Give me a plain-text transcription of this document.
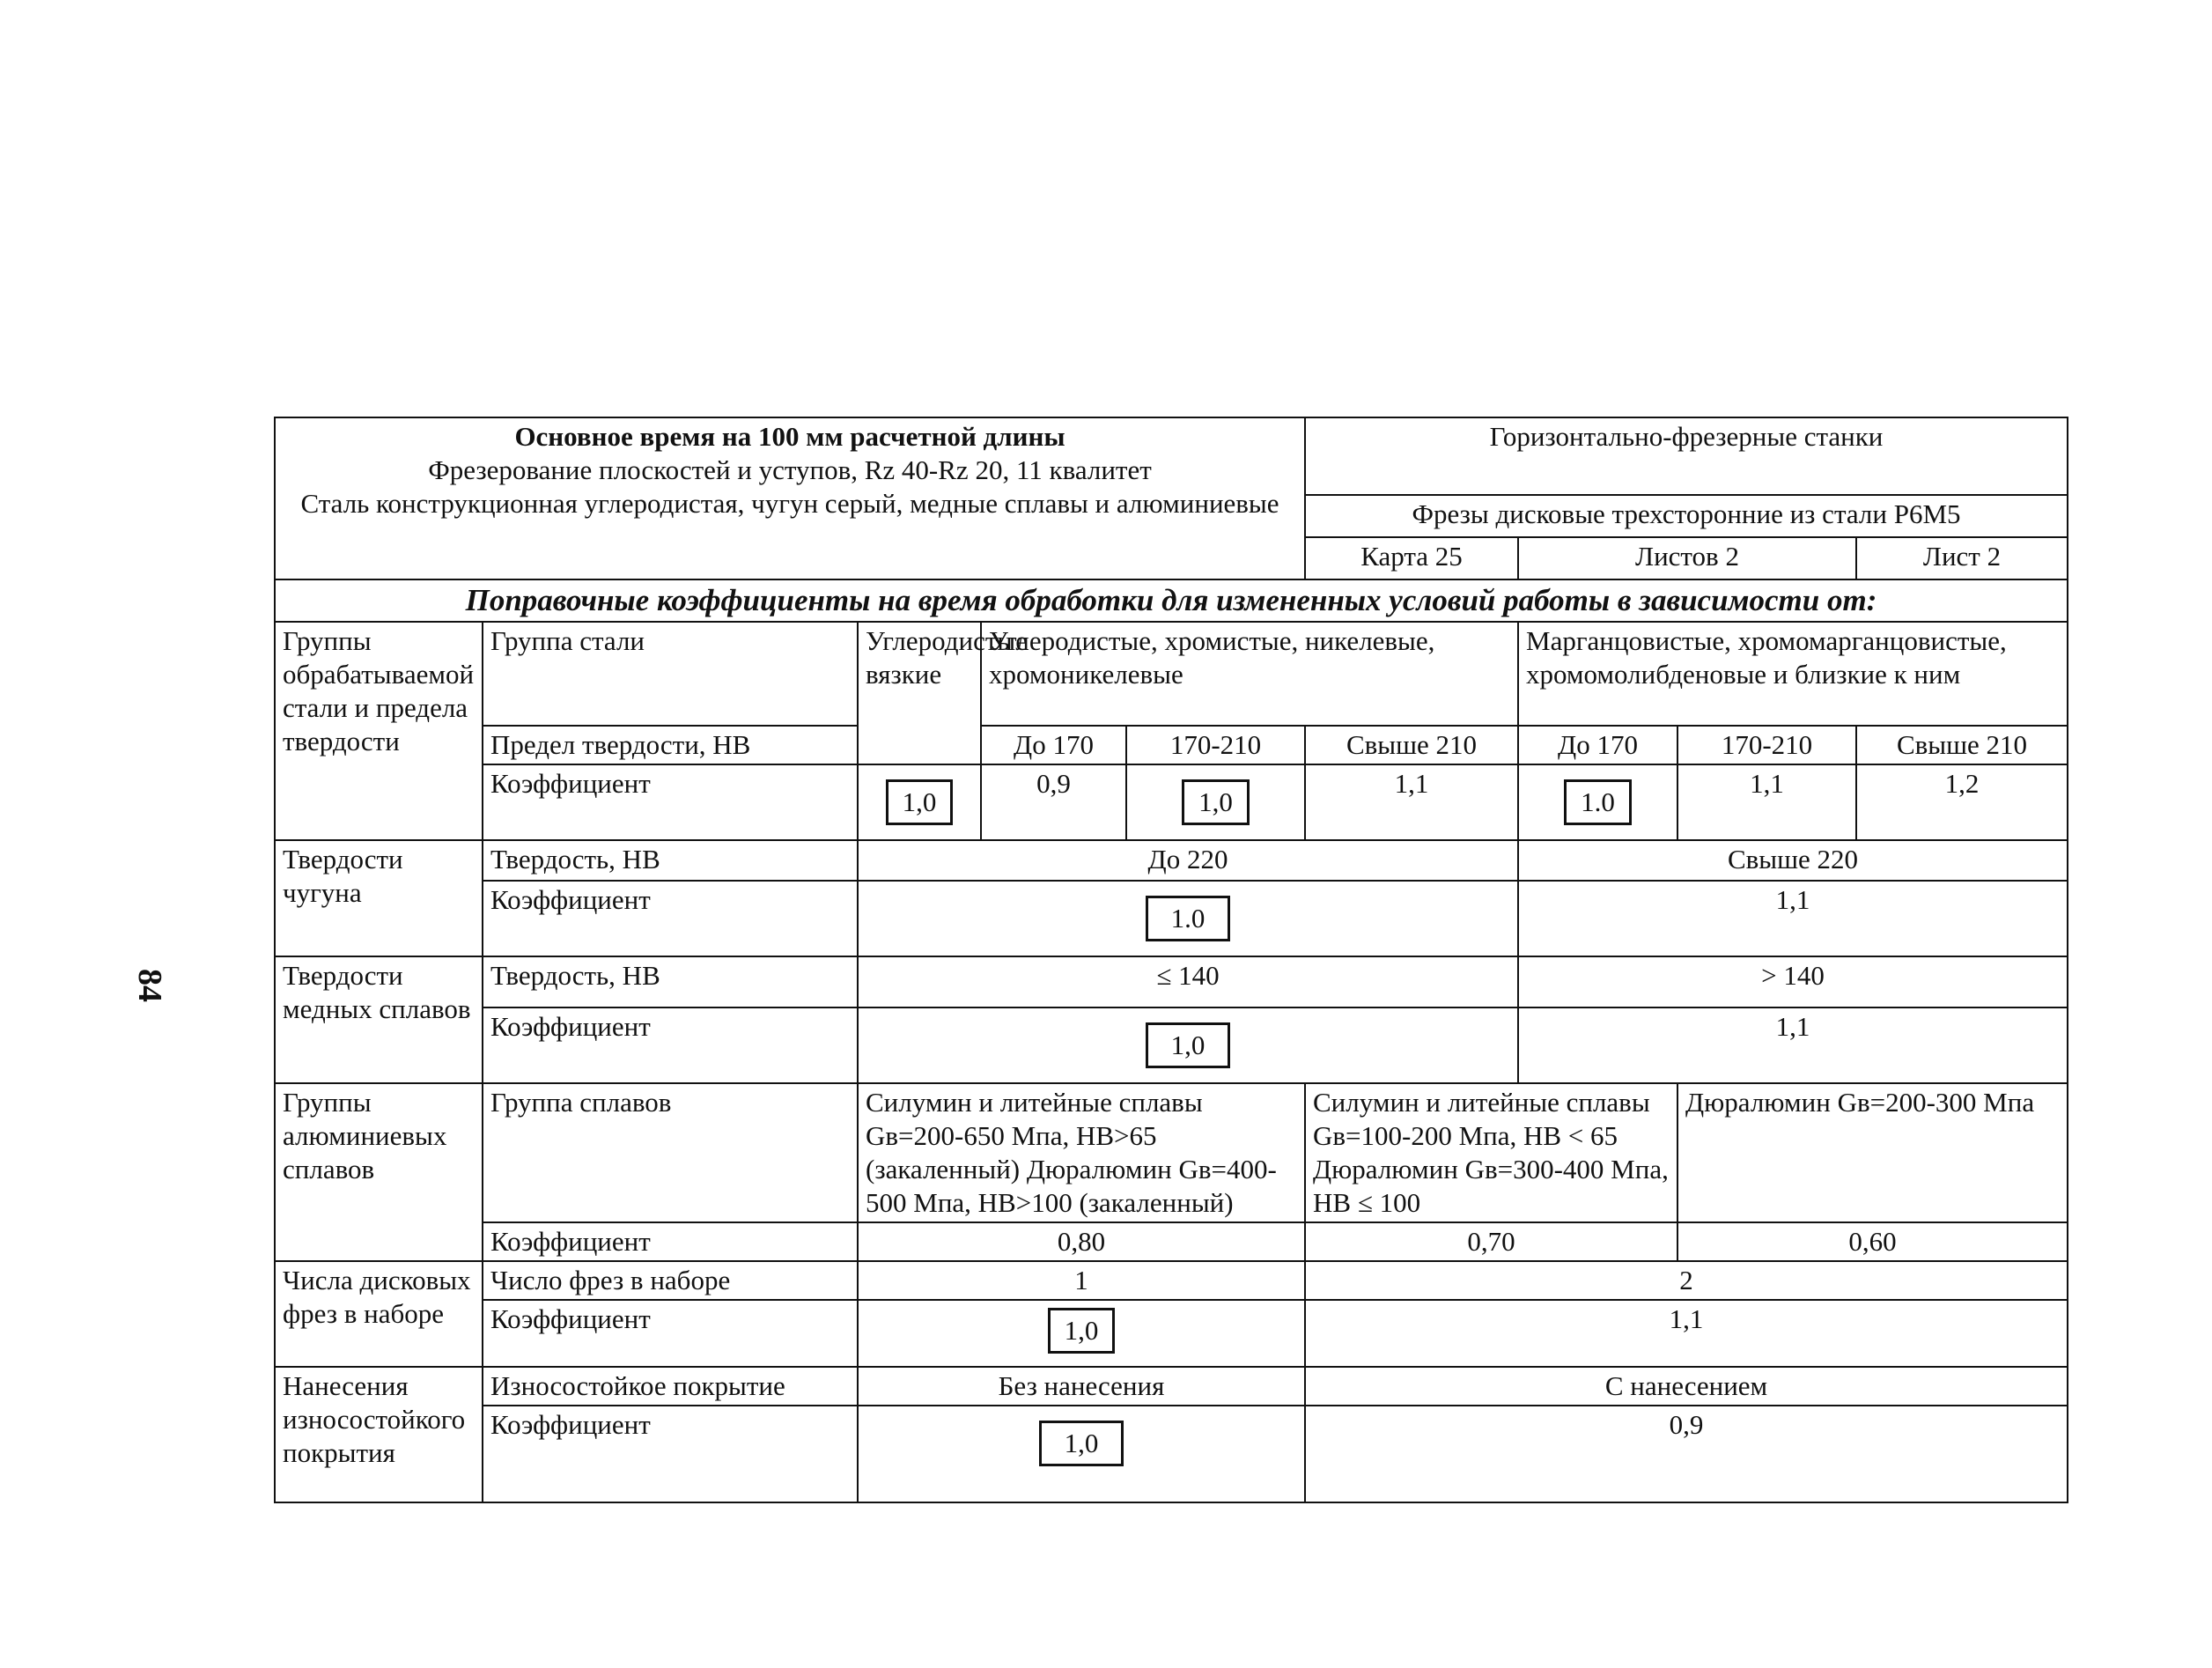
84
Основное время на 100 мм расчетной длины
Фрезерование плоскостей и уступов, Rz 40-Rz 20, 11 квалитет
Сталь конструкционная углеродистая, чугун серый, медные сплавы и алюминиевые					Горизонтально-фрезерные станки			
					Фрезы дисковые трехсторонние из стали Р6М5			
					Карта 25	Листов 2		Лист 2
Поправочные коэффициенты на время обработки для измененных условий работы в зависимости от:								
Группы обрабатываемой стали и предела твердости	Группа стали	Углеродистые вязкие	Углеродистые, хромистые, никелевые, хромоникелевые			Марганцовистые, хромомарганцовистые, хромомолибденовые и близкие к ним		
	Предел твердости, НВ		До 170	170-210	Свыше 210	До 170	170-210	Свыше 210
	Коэффициент	1,0	0,9	1,0	1,1	1.0	1,1	1,2
Твердости чугуна	Твердость, НВ	До 220				Свыше 220		
	Коэффициент	1.0				1,1		
Твердости медных сплавов	Твердость, НВ	≤ 140				> 140		
	Коэффициент	1,0				1,1		
Группы алюминиевых сплавов	Группа сплавов	Силумин и литейные сплавы Gв=200-650 Мпа, НВ>65 (закаленный) Дюралюмин Gв=400-500 Мпа, НВ>100 (закаленный)			Силумин и литейные сплавы Gв=100-200 Мпа, НВ < 65 Дюралюмин Gв=300-400 Мпа, НВ ≤ 100		Дюралюмин Gв=200-300 Мпа	
	Коэффициент	0,80			0,70		0,60	
Числа дисковых фрез в наборе	Число фрез в наборе	1			2			
	Коэффициент	1,0			1,1			
Нанесения износостойкого покрытия	Износостойкое покрытие	Без нанесения			С нанесением			
	Коэффициент	1,0			0,9			
